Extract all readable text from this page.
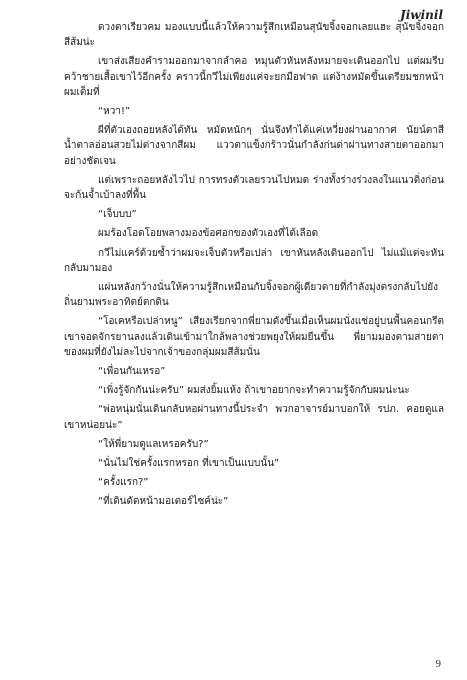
Jiwinil

ดวงตาเรียวคม มองแบบนี้แล้วให้ความรู้สึกเหมือนสุนัขจิ้งจอกเลยแฮะ สุนัขจิ้งจอกสีส้มน่ะ

เขาส่งเสียงคำรามออกมาจากลำคอ หมุนตัวหันหลังหมายจะเดินออกไป แต่ผมรีบคว้าชายเสื้อเขาไว้อีกครั้ง คราวนี้กวีไม่เพียงแค่จะยกมือฟาด แต่ง้างหมัดขึ้นเตรียมชกหน้าผมเต็มที่

“หวา!”

ผีที่ตัวเองถอยหลังได้ทัน หมัดหนักๆ นั่นจึงทำได้แค่เหวี่ยงผ่านอากาศ นัยน์ตาสีน้ำตาลอ่อนสวยไม่ต่างจากสีผม แววตาแข็งกร้าวนั่นกำลังก่นด่าผ่านทางสายตาออกมาอย่างชัดเจน

แต่เพราะถอยหลังไวไป การทรงตัวเลยรวนไปหมด ร่างทั้งร่างร่วงลงในแนวดิ่งก่อนจะก้นจ้ำเบ้าลงที่พื้น

“เจ็บบบ”

ผมร้องโอดโอยพลางมองข้อศอกของตัวเองที่ได้เลือด

กวีไม่แคร์ด้วยซ้ำว่าผมจะเจ็บตัวหรือเปล่า เขาหันหลังเดินออกไป ไม่แม้แต่จะหันกลับมามอง

แผ่นหลังกว้างนั่นให้ความรู้สึกเหมือนกับจิ้งจอกผู้เดียวดายที่กำลังมุ่งตรงกลับไปยังถิ่นยามพระอาทิตย์ตกดิน

“โอเคหรือเปล่าหนู” เสียงเรียกจากพี่ยามดังขึ้นเมื่อเห็นผมนั่งแช่อยู่บนพื้นคอนกรีต เขาจอดจักรยานลงแล้วเดินเข้ามาใกล้พลางช่วยพยุงให้ผมยืนขึ้น พี่ยามมองตามสายตาของผมที่ยังไม่ละไปจากเจ้าของกลุ่มผมสีส้มนั่น

“เพื่อนกันเหรอ”

“เพิ่งรู้จักกันน่ะครับ” ผมส่งยิ้มแห้ง ถ้าเขาอยากจะทำความรู้จักกับผมน่ะนะ

“พ่อหนุ่มนั่นเดินกลับหอผ่านทางนี้ประจำ พวกอาจารย์มาบอกให้ รปภ. คอยดูแลเขาหน่อยน่ะ”

“ให้พี่ยามดูแลเหรอครับ?”

“นั่นไม่ใช่ครั้งแรกหรอก ที่เขาเป็นแบบนั้น”

“ครั้งแรก?”

“ที่เดินดัดหน้ามอเตอร์ไซค์น่ะ”

9
